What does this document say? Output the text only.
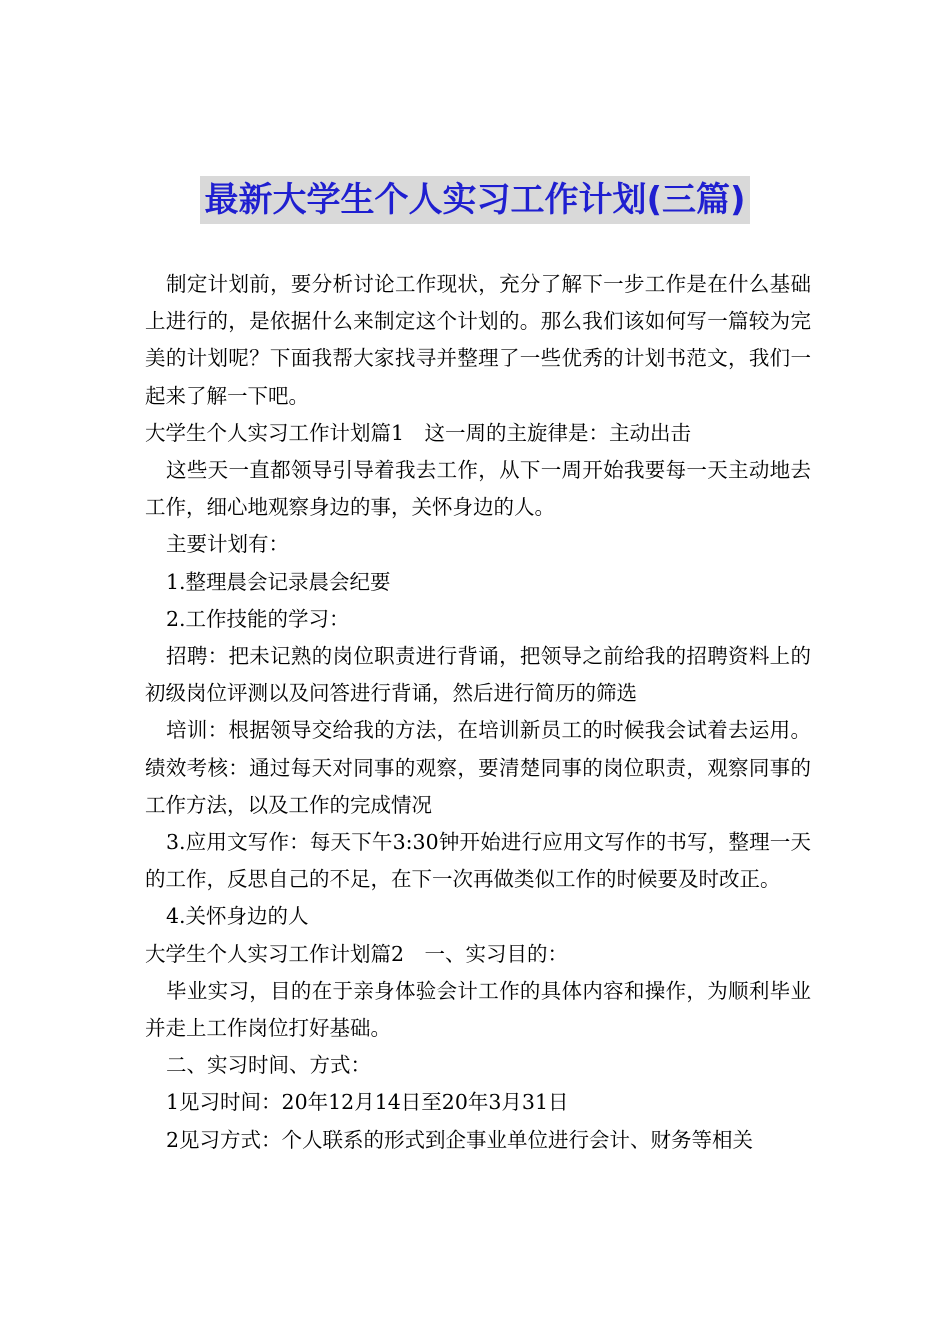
最新大学生个人实习工作计划(三篇)

制定计划前，要分析讨论工作现状，充分了解下一步工作是在什么基础上进行的，是依据什么来制定这个计划的。那么我们该如何写一篇较为完美的计划呢？下面我帮大家找寻并整理了一些优秀的计划书范文，我们一起来了解一下吧。

大学生个人实习工作计划篇1　这一周的主旋律是：主动出击

这些天一直都领导引导着我去工作，从下一周开始我要每一天主动地去工作，细心地观察身边的事，关怀身边的人。

主要计划有：

1.整理晨会记录晨会纪要

2.工作技能的学习：

招聘：把未记熟的岗位职责进行背诵，把领导之前给我的招聘资料上的初级岗位评测以及问答进行背诵，然后进行简历的筛选

培训：根据领导交给我的方法，在培训新员工的时候我会试着去运用。绩效考核：通过每天对同事的观察，要清楚同事的岗位职责，观察同事的工作方法，以及工作的完成情况

3.应用文写作：每天下午3:30钟开始进行应用文写作的书写，整理一天的工作，反思自己的不足，在下一次再做类似工作的时候要及时改正。

4.关怀身边的人

大学生个人实习工作计划篇2　一、实习目的：

毕业实习，目的在于亲身体验会计工作的具体内容和操作，为顺利毕业并走上工作岗位打好基础。

二、实习时间、方式：

1见习时间：20年12月14日至20年3月31日

2见习方式：个人联系的形式到企事业单位进行会计、财务等相关
